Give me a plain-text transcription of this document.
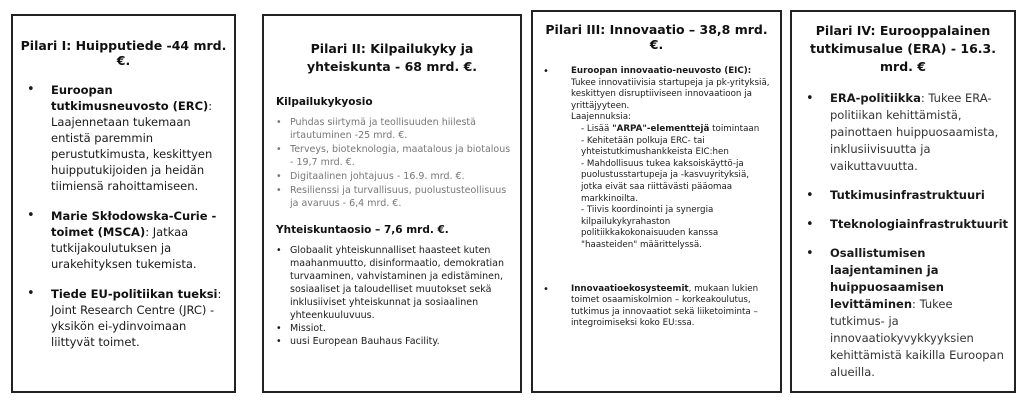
Pilari I: Huipputiede -44 mrd. €.
• Euroopan tutkimusneuvosto (ERC): Laajennetaan tukemaan entistä paremmin perustutkimusta, keskittyen huipputukijoiden ja heidän tiimiensä rahoittamiseen.
• Marie Skłodowska-Curie -toimet (MSCA): Jatkaa tutkijakoulutuksen ja urakehityksen tukemista.
• Tiede EU-politiikan tueksi: Joint Research Centre (JRC) -yksikön ei-ydinvoimaan liittyvät toimet.
Pilari II: Kilpailukyky ja yhteiskunta - 68 mrd. €.
Kilpailukykyosio
• Puhdas siirtymä ja teollisuuden hiilestä irtautuminen -25 mrd. €.
• Terveys, bioteknologia, maatalous ja biotalous - 19,7 mrd. €.
• Digitaalinen johtajuus - 16.9. mrd. €.
• Resilienssi ja turvallisuus, puolustusteollisuus ja avaruus - 6,4 mrd. €.
Yhteiskuntaosio – 7,6 mrd. €.
• Globaalit yhteiskunnalliset haasteet kuten maahanmuutto, disinformaatio, demokratian turvaaminen, vahvistaminen ja edistäminen, sosiaaliset ja taloudelliset muutokset sekä inklusiiviset yhteiskunnat ja sosiaalinen yhteenkuuluvuus.
• Missiot.
• uusi European Bauhaus Facility.
Pilari III: Innovaatio – 38,8 mrd. €.
• Euroopan innovaatio-neuvosto (EIC):
Tukee innovatiivisia startupeja ja pk-yrityksiä, keskittyen disruptiiviseen innovaatioon ja yrittäjyyteen.
Laajennuksia:
- Lisää "ARPA"-elementtejä toimintaan
- Kehitetään polkuja ERC- tai yhteistutkimushankkeista EIC:hen
- Mahdollisuus tukea kaksoiskäyttö-ja puolustusstartupeja ja -kasvuyrityksiä, jotka eivät saa riittävästi pääomaa markkinoilta.
- Tiivis koordinointi ja synergia kilpailukykyrahaston politiikkakokonaisuuden kanssa "haasteiden" määrittelyssä.
• Innovaatioekosysteemit, mukaan lukien toimet osaamiskolmion – korkeakoulutus, tutkimus ja innovaatiot sekä liiketoiminta – integroimiseksi koko EU:ssa.
Pilari IV: Eurooppalainen tutkimusalue (ERA) - 16.3. mrd. €
• ERA-politiikka: Tukee ERA-politiikan kehittämistä, painottaen huippuosaamista, inklusiivisuutta ja vaikuttavuutta.
• Tutkimusinfrastruktuuri
• Tteknologiainfrastruktuurit
• Osallistumisen laajentaminen ja huippuosaamisen levittäminen: Tukee tutkimus- ja innovaatiokyvykkyyksien kehittämistä kaikilla Euroopan alueilla.
